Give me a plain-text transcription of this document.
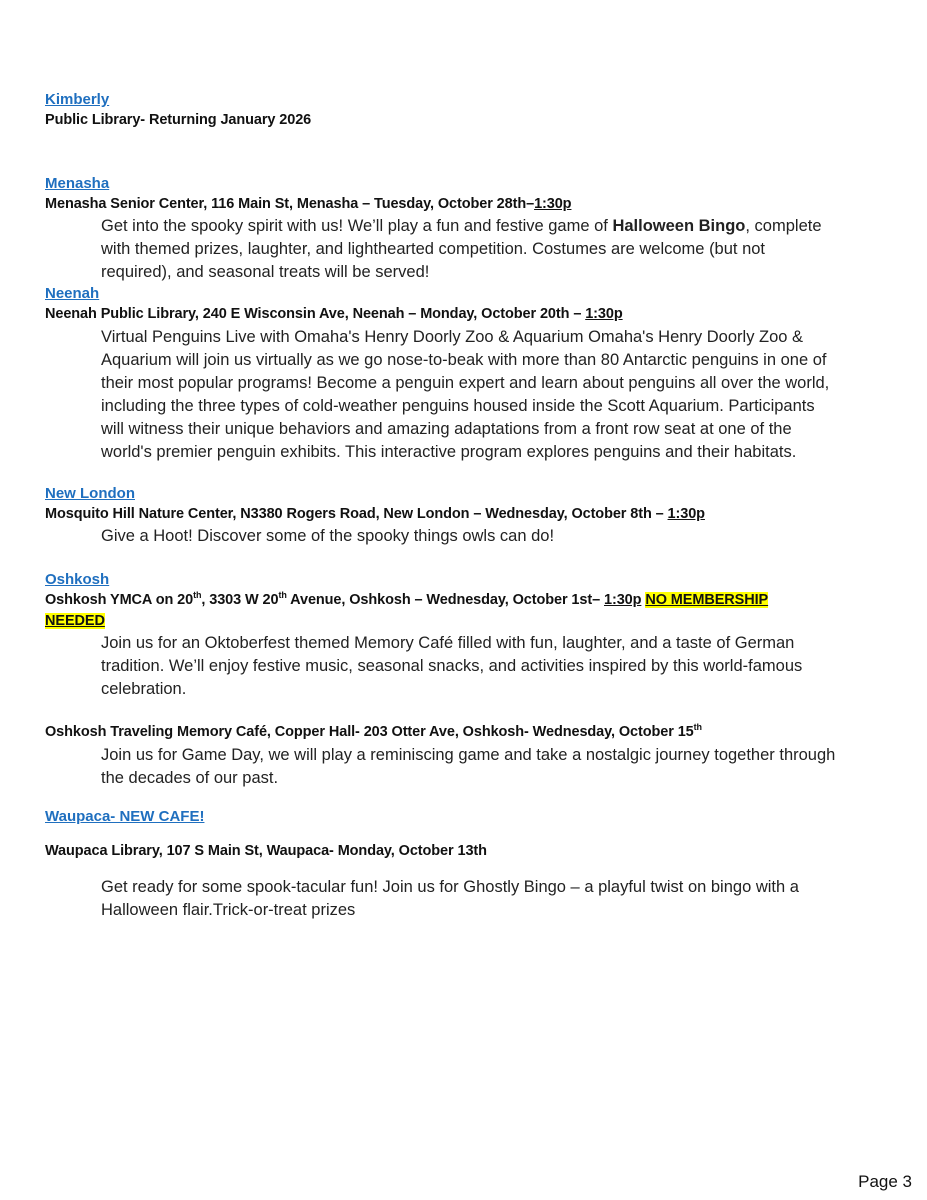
Kimberly
Public Library- Returning January 2026
Menasha
Menasha Senior Center, 116 Main St, Menasha – Tuesday, October 28th–1:30p
Get into the spooky spirit with us! We’ll play a fun and festive game of Halloween Bingo, complete
with themed prizes, laughter, and lighthearted competition. Costumes are welcome (but not
required), and seasonal treats will be served!
Neenah
Neenah Public Library, 240 E Wisconsin Ave, Neenah – Monday, October 20th – 1:30p
Virtual Penguins Live with Omaha's Henry Doorly Zoo & Aquarium Omaha's Henry Doorly Zoo &
Aquarium will join us virtually as we go nose-to-beak with more than 80 Antarctic penguins in one of
their most popular programs! Become a penguin expert and learn about penguins all over the world,
including the three types of cold-weather penguins housed inside the Scott Aquarium. Participants
will witness their unique behaviors and amazing adaptations from a front row seat at one of the
world's premier penguin exhibits. This interactive program explores penguins and their habitats.
New London
Mosquito Hill Nature Center, N3380 Rogers Road, New London – Wednesday, October 8th – 1:30p
Give a Hoot! Discover some of the spooky things owls can do!
Oshkosh
Oshkosh YMCA on 20th, 3303 W 20th Avenue, Oshkosh – Wednesday, October 1st– 1:30p NO MEMBERSHIP
NEEDED
Join us for an Oktoberfest themed Memory Café filled with fun, laughter, and a taste of German
tradition. We’ll enjoy festive music, seasonal snacks, and activities inspired by this world-famous
celebration.
Oshkosh Traveling Memory Café, Copper Hall- 203 Otter Ave, Oshkosh- Wednesday, October 15th
Join us for Game Day, we will play a reminiscing game and take a nostalgic journey together through
the decades of our past.
Waupaca- NEW CAFE!
Waupaca Library, 107 S Main St, Waupaca- Monday, October 13th
Get ready for some spook-tacular fun! Join us for Ghostly Bingo – a playful twist on bingo with a
Halloween flair.Trick-or-treat prizes
Page 3
